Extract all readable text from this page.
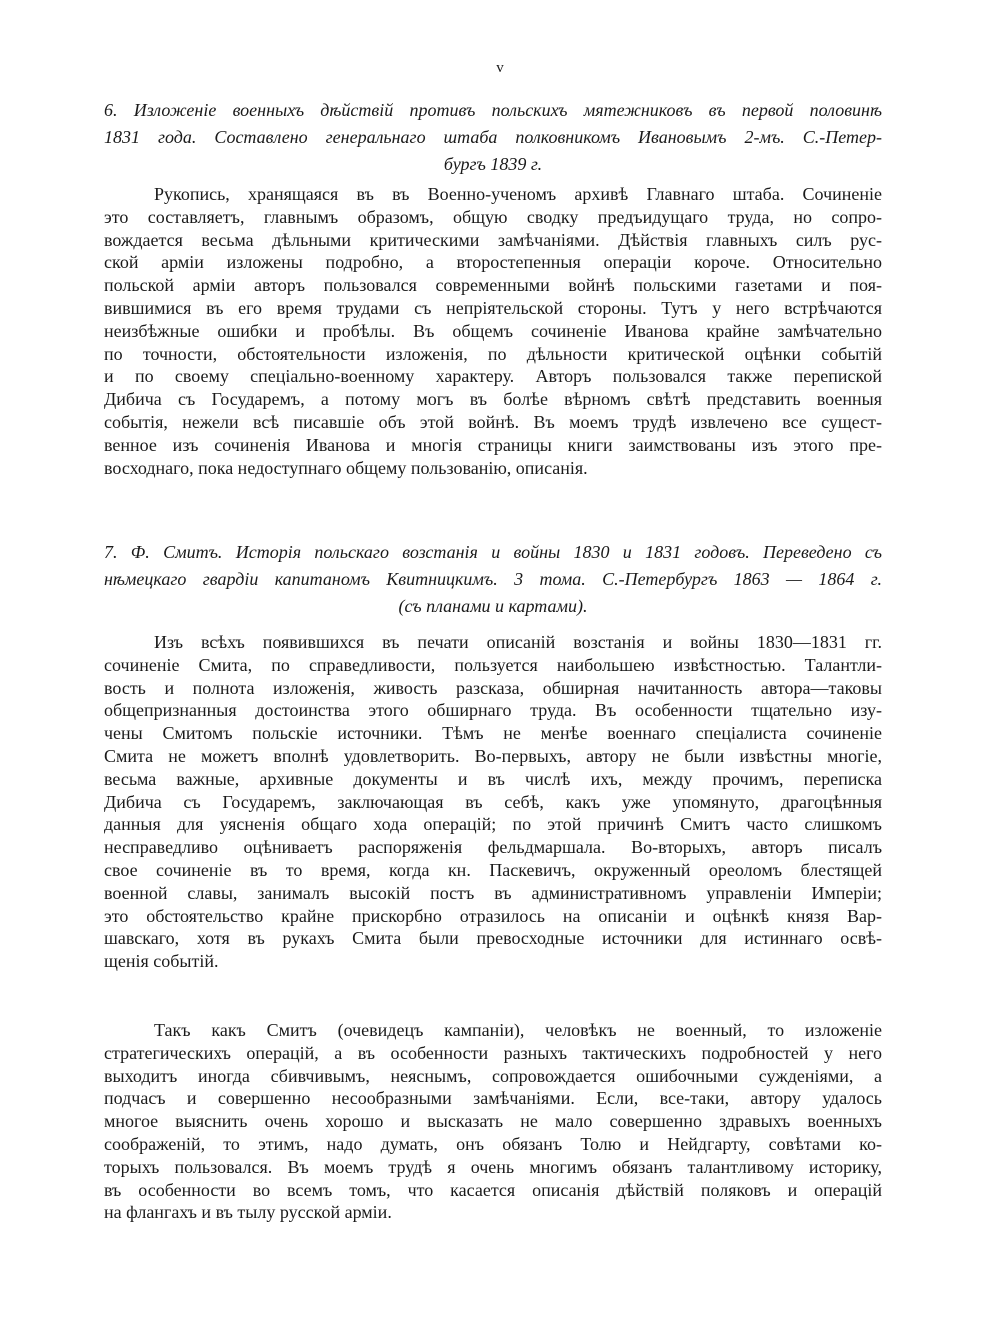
v
6. Изложенiе военныхъ дѣйствiй противъ польскихъ мятежниковъ въ первой половинѣ
1831 года. Составлено генеральнаго штаба полковникомъ Ивановымъ 2-мъ. С.-Петер-
бургъ 1839 г.
Рукопись, хранящаяся въ въ Военно-ученомъ архивѣ Главнаго штаба. Сочиненiе
это составляетъ, главнымъ образомъ, общую сводку предъидущаго труда, но сопро-
вождается весьма дѣльными критическими замѣчанiями. Дѣйствiя главныхъ силъ рус-
ской армiи изложены подробно, а второстепенныя операцiи короче. Относительно
польской армiи авторъ пользовался современными войнѣ польскими газетами и поя-
вившимися въ его время трудами съ непрiятельской стороны. Тутъ у него встрѣчаются
неизбѣжные ошибки и пробѣлы. Въ общемъ сочиненiе Иванова крайне замѣчательно
по точности, обстоятельности изложенiя, по дѣльности критической оцѣнки событiй
и по своему спецiально-военному характеру. Авторъ пользовался также перепиской
Дибича съ Государемъ, а потому могъ въ болѣе вѣрномъ свѣтѣ представить военныя
событiя, нежели всѣ писавшiе объ этой войнѣ. Въ моемъ трудѣ извлечено все сущест-
венное изъ сочиненiя Иванова и многiя страницы книги заимствованы изъ этого пре-
восходнаго, пока недоступнаго общему пользованiю, описанiя.
7. Ф. Смитъ. Исторiя польскаго возстанiя и войны 1830 и 1831 годовъ. Переведено съ
нѣмецкаго гвардiи капитаномъ Квитницкимъ. 3 тома. С.-Петербургъ 1863 — 1864 г.
(съ планами и картами).
Изъ всѣхъ появившихся въ печати описанiй возстанiя и войны 1830—1831 гг.
сочиненiе Смита, по справедливости, пользуется наибольшею извѣстностью. Талантли-
вость и полнота изложенiя, живость разсказа, обширная начитанность автора—таковы
общепризнанныя достоинства этого обширнаго труда. Въ особенности тщательно изу-
чены Смитомъ польскiе источники. Тѣмъ не менѣе военнаго спецiалиста сочиненiе
Смита не можетъ вполнѣ удовлетворить. Во-первыхъ, автору не были извѣстны многiе,
весьма важные, архивные документы и въ числѣ ихъ, между прочимъ, переписка
Дибича съ Государемъ, заключающая въ себѣ, какъ уже упомянуто, драгоцѣнныя
данныя для уясненiя общаго хода операцiй; по этой причинѣ Смитъ часто слишкомъ
несправедливо оцѣниваетъ распоряженiя фельдмаршала. Во-вторыхъ, авторъ писалъ
свое сочиненiе въ то время, когда кн. Паскевичъ, окруженный ореоломъ блестящей
военной славы, занималъ высокiй постъ въ административномъ управленiи Имперiи;
это обстоятельство крайне прискорбно отразилось на описанiи и оцѣнкѣ князя Вар-
шавскаго, хотя въ рукахъ Смита были превосходные источники для истиннаго освѣ-
щенiя событiй.
Такъ какъ Смитъ (очевидецъ кампанiи), человѣкъ не военный, то изложенiе
стратегическихъ операцiй, а въ особенности разныхъ тактическихъ подробностей у него
выходитъ иногда сбивчивымъ, неяснымъ, сопровождается ошибочными сужденiями, а
подчасъ и совершенно несообразными замѣчанiями. Если, все-таки, автору удалось
многое выяснить очень хорошо и высказать не мало совершенно здравыхъ военныхъ
соображенiй, то этимъ, надо думать, онъ обязанъ Толю и Нейдгарту, совѣтами ко-
торыхъ пользовался. Въ моемъ трудѣ я очень многимъ обязанъ талантливому историку,
въ особенности во всемъ томъ, что касается описанiя дѣйствiй поляковъ и операцiй
на флангахъ и въ тылу русской армiи.
